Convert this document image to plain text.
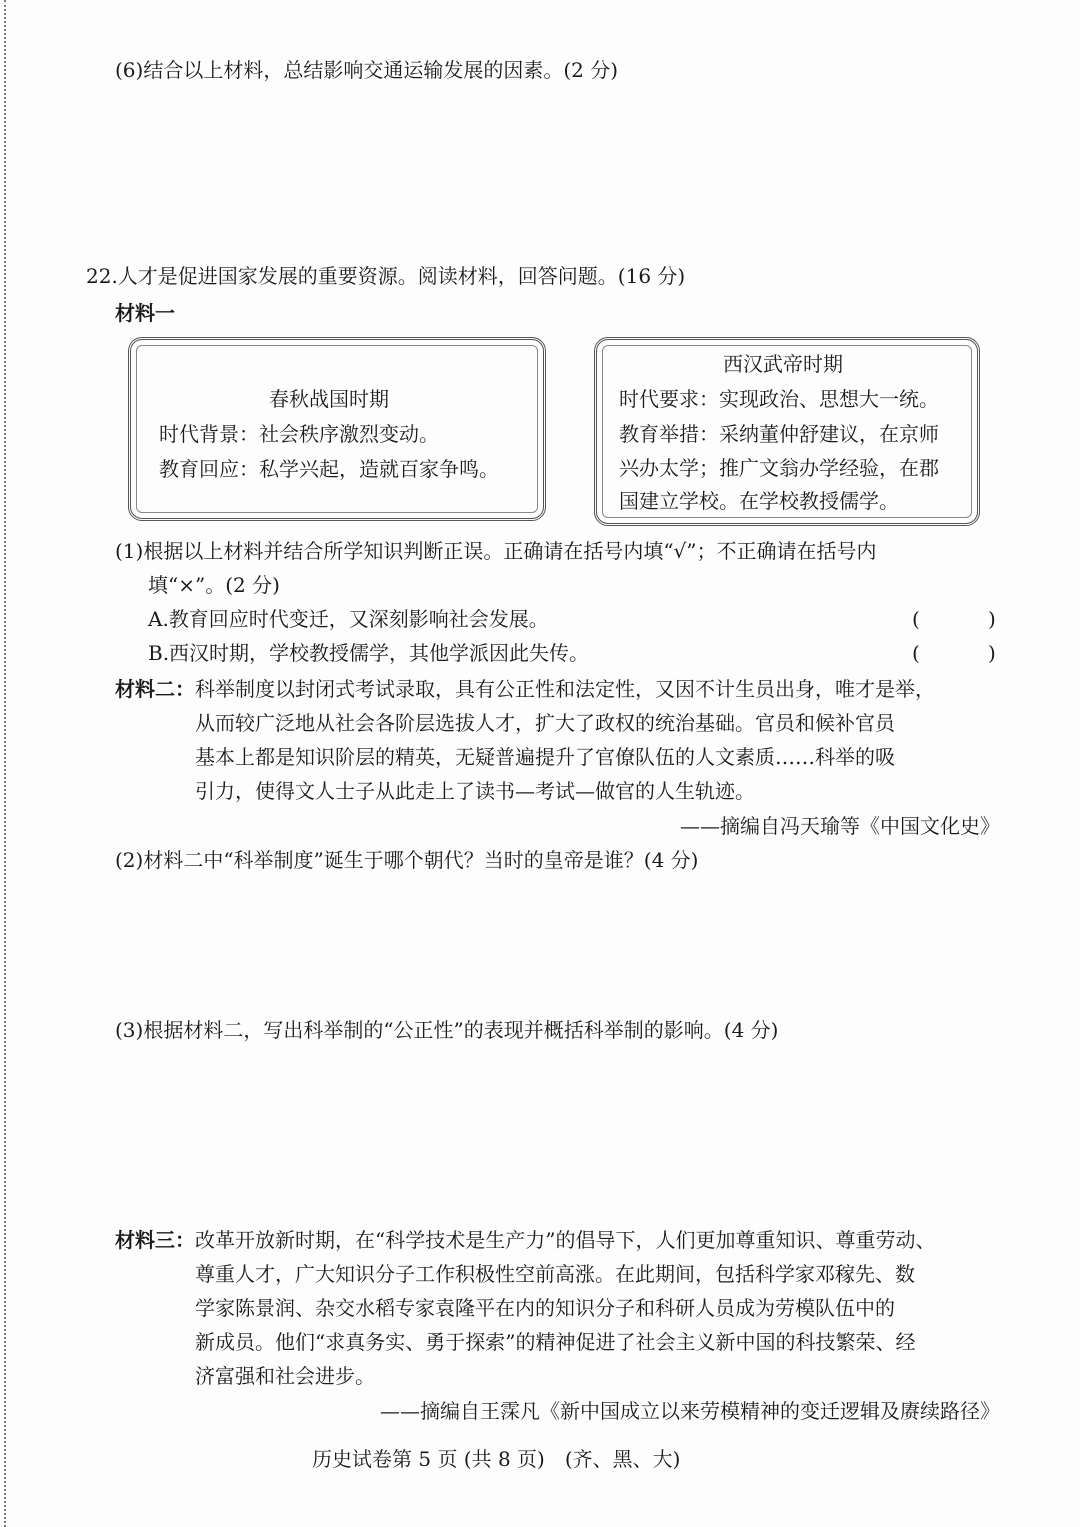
(6)结合以上材料，总结影响交通运输发展的因素。(2 分)
22.人才是促进国家发展的重要资源。阅读材料，回答问题。(16 分)
材料一
春秋战国时期
时代背景：社会秩序激烈变动。
教育回应：私学兴起，造就百家争鸣。
西汉武帝时期
时代要求：实现政治、思想大一统。
教育举措：采纳董仲舒建议，在京师
兴办太学；推广文翁办学经验，在郡
国建立学校。在学校教授儒学。
(1)根据以上材料并结合所学知识判断正误。正确请在括号内填“√”；不正确请在括号内
填“×”。(2 分)
A.教育回应时代变迁，又深刻影响社会发展。	(	)
B.西汉时期，学校教授儒学，其他学派因此失传。	(	)
材料二： 科举制度以封闭式考试录取，具有公正性和法定性，又因不计生员出身，唯才是举，
从而较广泛地从社会各阶层选拔人才，扩大了政权的统治基础。官员和候补官员
基本上都是知识阶层的精英，无疑普遍提升了官僚队伍的人文素质……科举的吸
引力，使得文人士子从此走上了读书—考试—做官的人生轨迹。
——摘编自冯天瑜等《中国文化史》
(2)材料二中“科举制度”诞生于哪个朝代？当时的皇帝是谁？(4 分)
(3)根据材料二，写出科举制的“公正性”的表现并概括科举制的影响。(4 分)
材料三： 改革开放新时期，在“科学技术是生产力”的倡导下，人们更加尊重知识、尊重劳动、
尊重人才，广大知识分子工作积极性空前高涨。在此期间，包括科学家邓稼先、数
学家陈景润、杂交水稻专家袁隆平在内的知识分子和科研人员成为劳模队伍中的
新成员。他们“求真务实、勇于探索”的精神促进了社会主义新中国的科技繁荣、经
济富强和社会进步。
——摘编自王霂凡《新中国成立以来劳模精神的变迁逻辑及赓续路径》
历史试卷第 5 页 (共 8 页)　(齐、黑、大)
